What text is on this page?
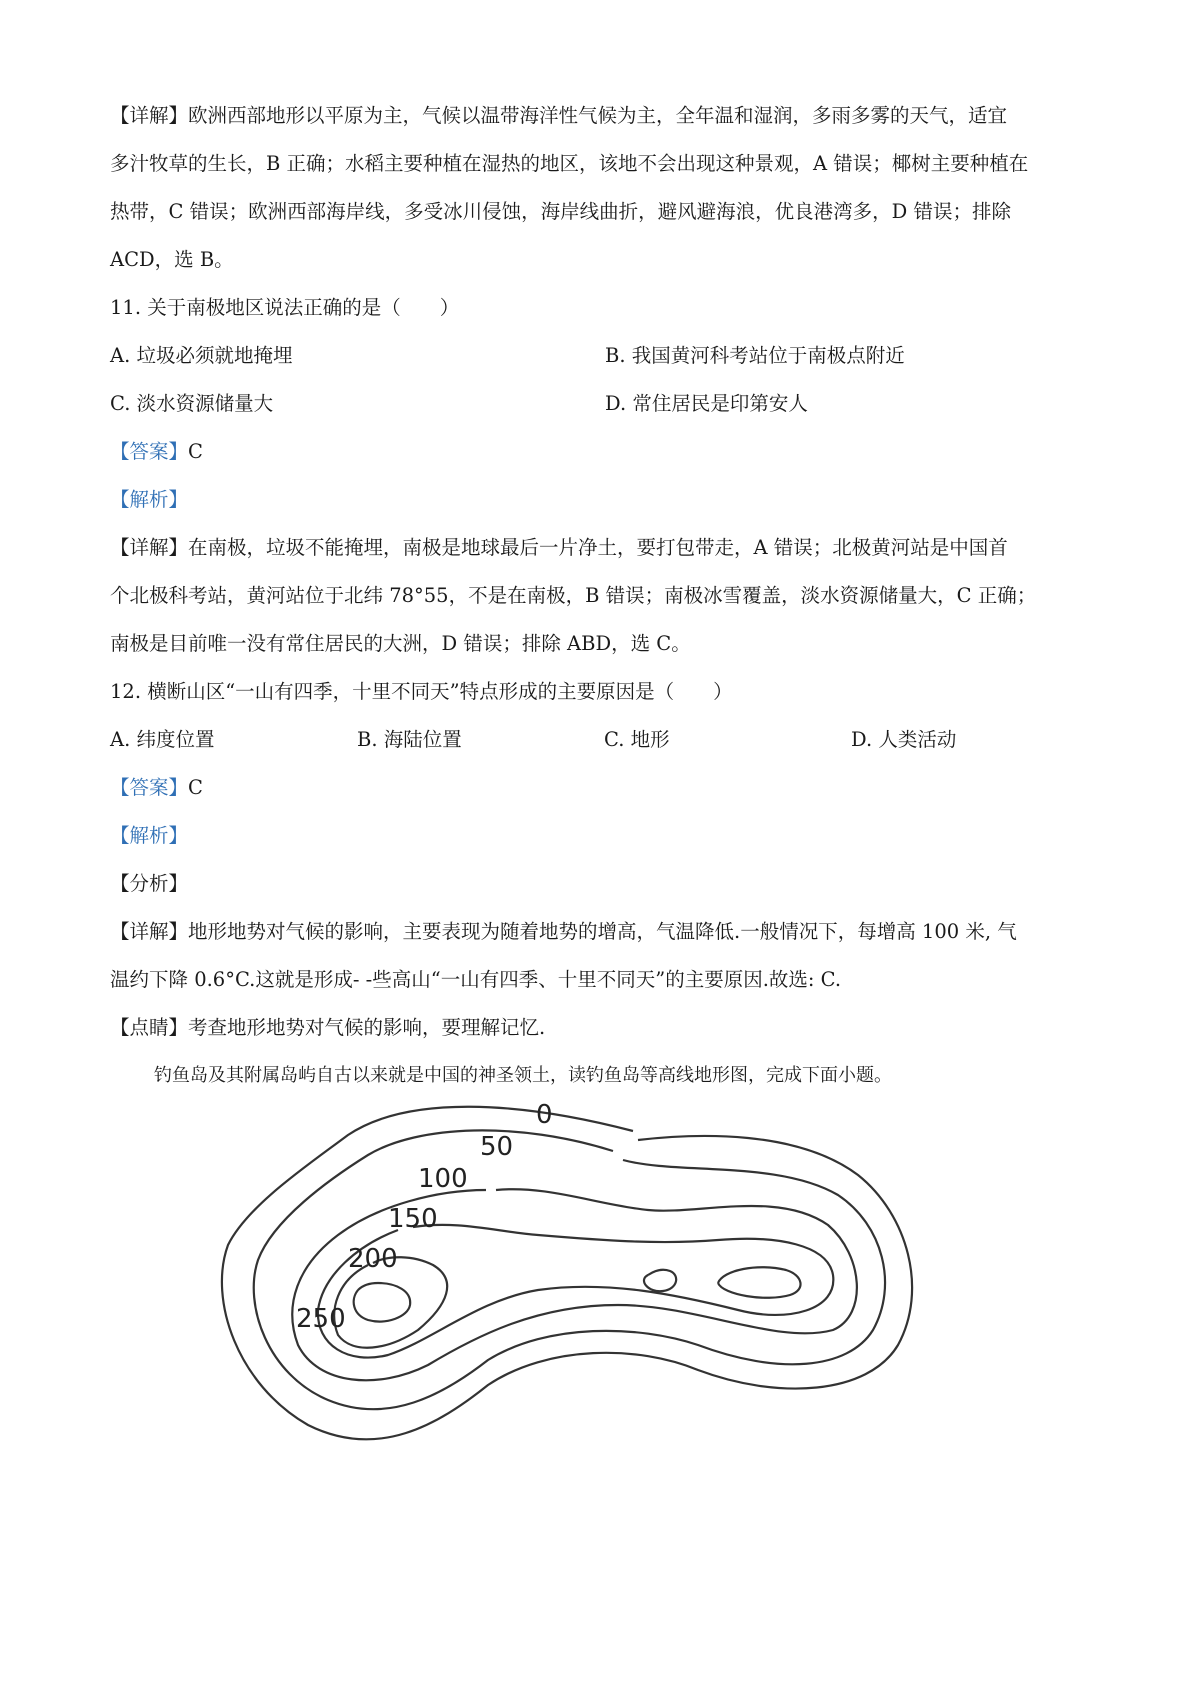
【详解】欧洲西部地形以平原为主，气候以温带海洋性气候为主，全年温和湿润，多雨多雾的天气，适宜

多汁牧草的生长，B 正确；水稻主要种植在湿热的地区，该地不会出现这种景观，A 错误；椰树主要种植在

热带，C 错误；欧洲西部海岸线，多受冰川侵蚀，海岸线曲折，避风避海浪，优良港湾多，D 错误；排除

ACD，选 B。

11. 关于南极地区说法正确的是（　　）

A. 垃圾必须就地掩埋	B. 我国黄河科考站位于南极点附近
C. 淡水资源储量大	D. 常住居民是印第安人

【答案】C

【解析】

【详解】在南极，垃圾不能掩埋，南极是地球最后一片净土，要打包带走，A 错误；北极黄河站是中国首

个北极科考站，黄河站位于北纬 78°55，不是在南极，B 错误；南极冰雪覆盖，淡水资源储量大，C 正确；

南极是目前唯一没有常住居民的大洲，D 错误；排除 ABD，选 C。

12. 横断山区“一山有四季，十里不同天”特点形成的主要原因是（　　）

A. 纬度位置	B. 海陆位置	C. 地形	D. 人类活动

【答案】C

【解析】

【分析】

【详解】地形地势对气候的影响，主要表现为随着地势的增高，气温降低.一般情况下，每增高 100 米, 气

温约下降 0.6°C.这就是形成- -些高山“一山有四季、十里不同天”的主要原因.故选: C.

【点睛】考查地形地势对气候的影响，要理解记忆.

钓鱼岛及其附属岛屿自古以来就是中国的神圣领土，读钓鱼岛等高线地形图，完成下面小题。

0
50
100
150
200
250
